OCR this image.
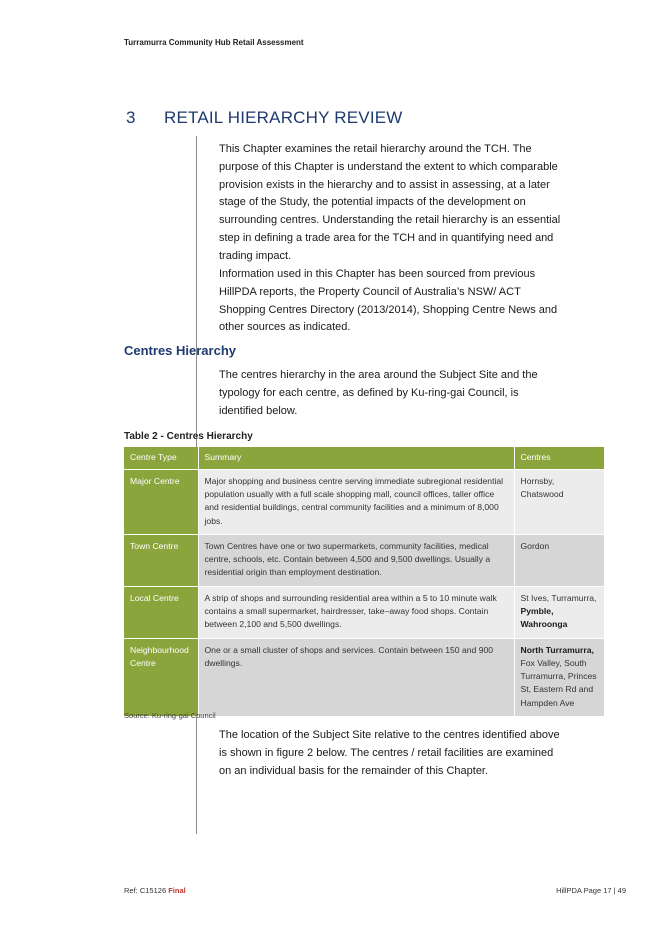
Turramurra Community Hub Retail Assessment
3 RETAIL HIERARCHY REVIEW

This Chapter examines the retail hierarchy around the TCH. The purpose of this Chapter is understand the extent to which comparable provision exists in the hierarchy and to assist in assessing, at a later stage of the Study, the potential impacts of the development on surrounding centres. Understanding the retail hierarchy is an essential step in defining a trade area for the TCH and in quantifying need and trading impact.

Information used in this Chapter has been sourced from previous HillPDA reports, the Property Council of Australia’s NSW/ ACT Shopping Centres Directory (2013/2014), Shopping Centre News and other sources as indicated.

Centres Hierarchy

The centres hierarchy in the area around the Subject Site and the typology for each centre, as defined by Ku-ring-gai Council, is identified below.

Table 2 - Centres Hierarchy
Centre Type	Summary	Centres
Major Centre	Major shopping and business centre serving immediate subregional residential population usually with a full scale shopping mall, council offices, taller office and residential buildings, central community facilities and a minimum of 8,000 jobs.	Hornsby, Chatswood
Town Centre	Town Centres have one or two supermarkets, community facilities, medical centre, schools, etc. Contain between 4,500 and 9,500 dwellings. Usually a residential origin than employment destination.	Gordon
Local Centre	A strip of shops and surrounding residential area within a 5 to 10 minute walk contains a small supermarket, hairdresser, take–away food shops. Contain between 2,100 and 5,500 dwellings.	St Ives, Turramurra, Pymble, Wahroonga
Neighbourhood Centre	One or a small cluster of shops and services. Contain between 150 and 900 dwellings.	North Turramurra, Fox Valley, South Turramurra, Princes St, Eastern Rd and Hampden Ave
Source: Ku-ring-gai Council

The location of the Subject Site relative to the centres identified above is shown in figure 2 below. The centres / retail facilities are examined on an individual basis for the remainder of this Chapter.

Ref: C15126 Final	HillPDA Page 17 | 49
